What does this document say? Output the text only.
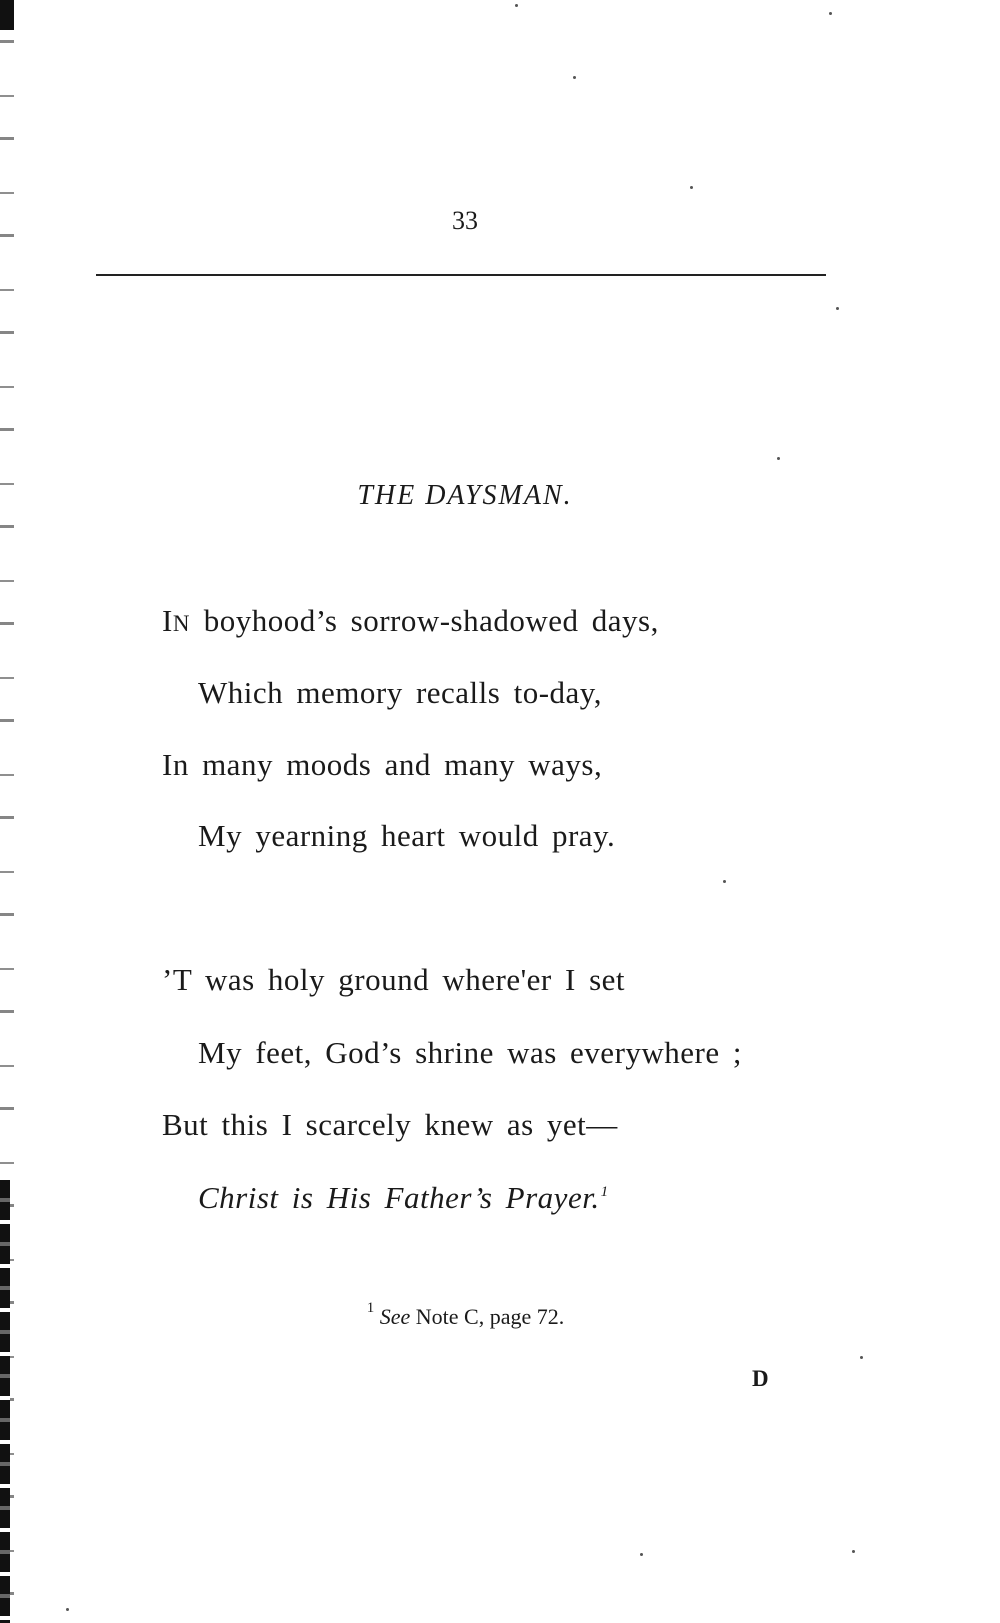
33
THE DAYSMAN.
IN boyhood’s sorrow-shadowed days,
Which memory recalls to-day,
In many moods and many ways,
My yearning heart would pray.
’T was holy ground where'er I set
My feet, God’s shrine was everywhere ;
But this I scarcely knew as yet—
Christ is His Father’s Prayer.$^1$
$^1$ See Note C, page 72.
D
